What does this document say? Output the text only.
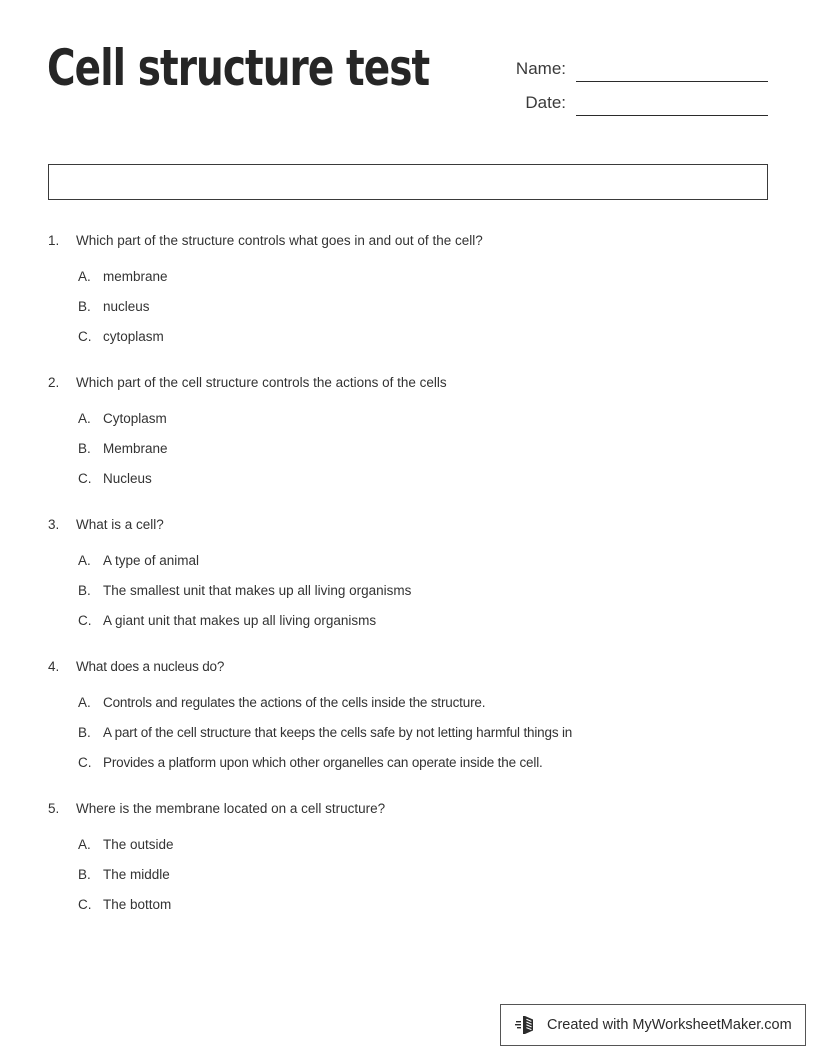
Cell structure test	Name:
Date:
1.	Which part of the structure controls what goes in and out of the cell?
A. membrane
B. nucleus
C. cytoplasm
2.	Which part of the cell structure controls the actions of the cells
A. Cytoplasm
B. Membrane
C. Nucleus
3.	What is a cell?
A. A type of animal
B. The smallest unit that makes up all living organisms
C. A giant unit that makes up all living organisms
4.	What does a nucleus do?
A. Controls and regulates the actions of the cells inside the structure.
B. A part of the cell structure that keeps the cells safe by not letting harmful things in
C. Provides a platform upon which other organelles can operate inside the cell.
5.	Where is the membrane located on a cell structure?
A. The outside
B. The middle
C. The bottom
Created with MyWorksheetMaker.com
